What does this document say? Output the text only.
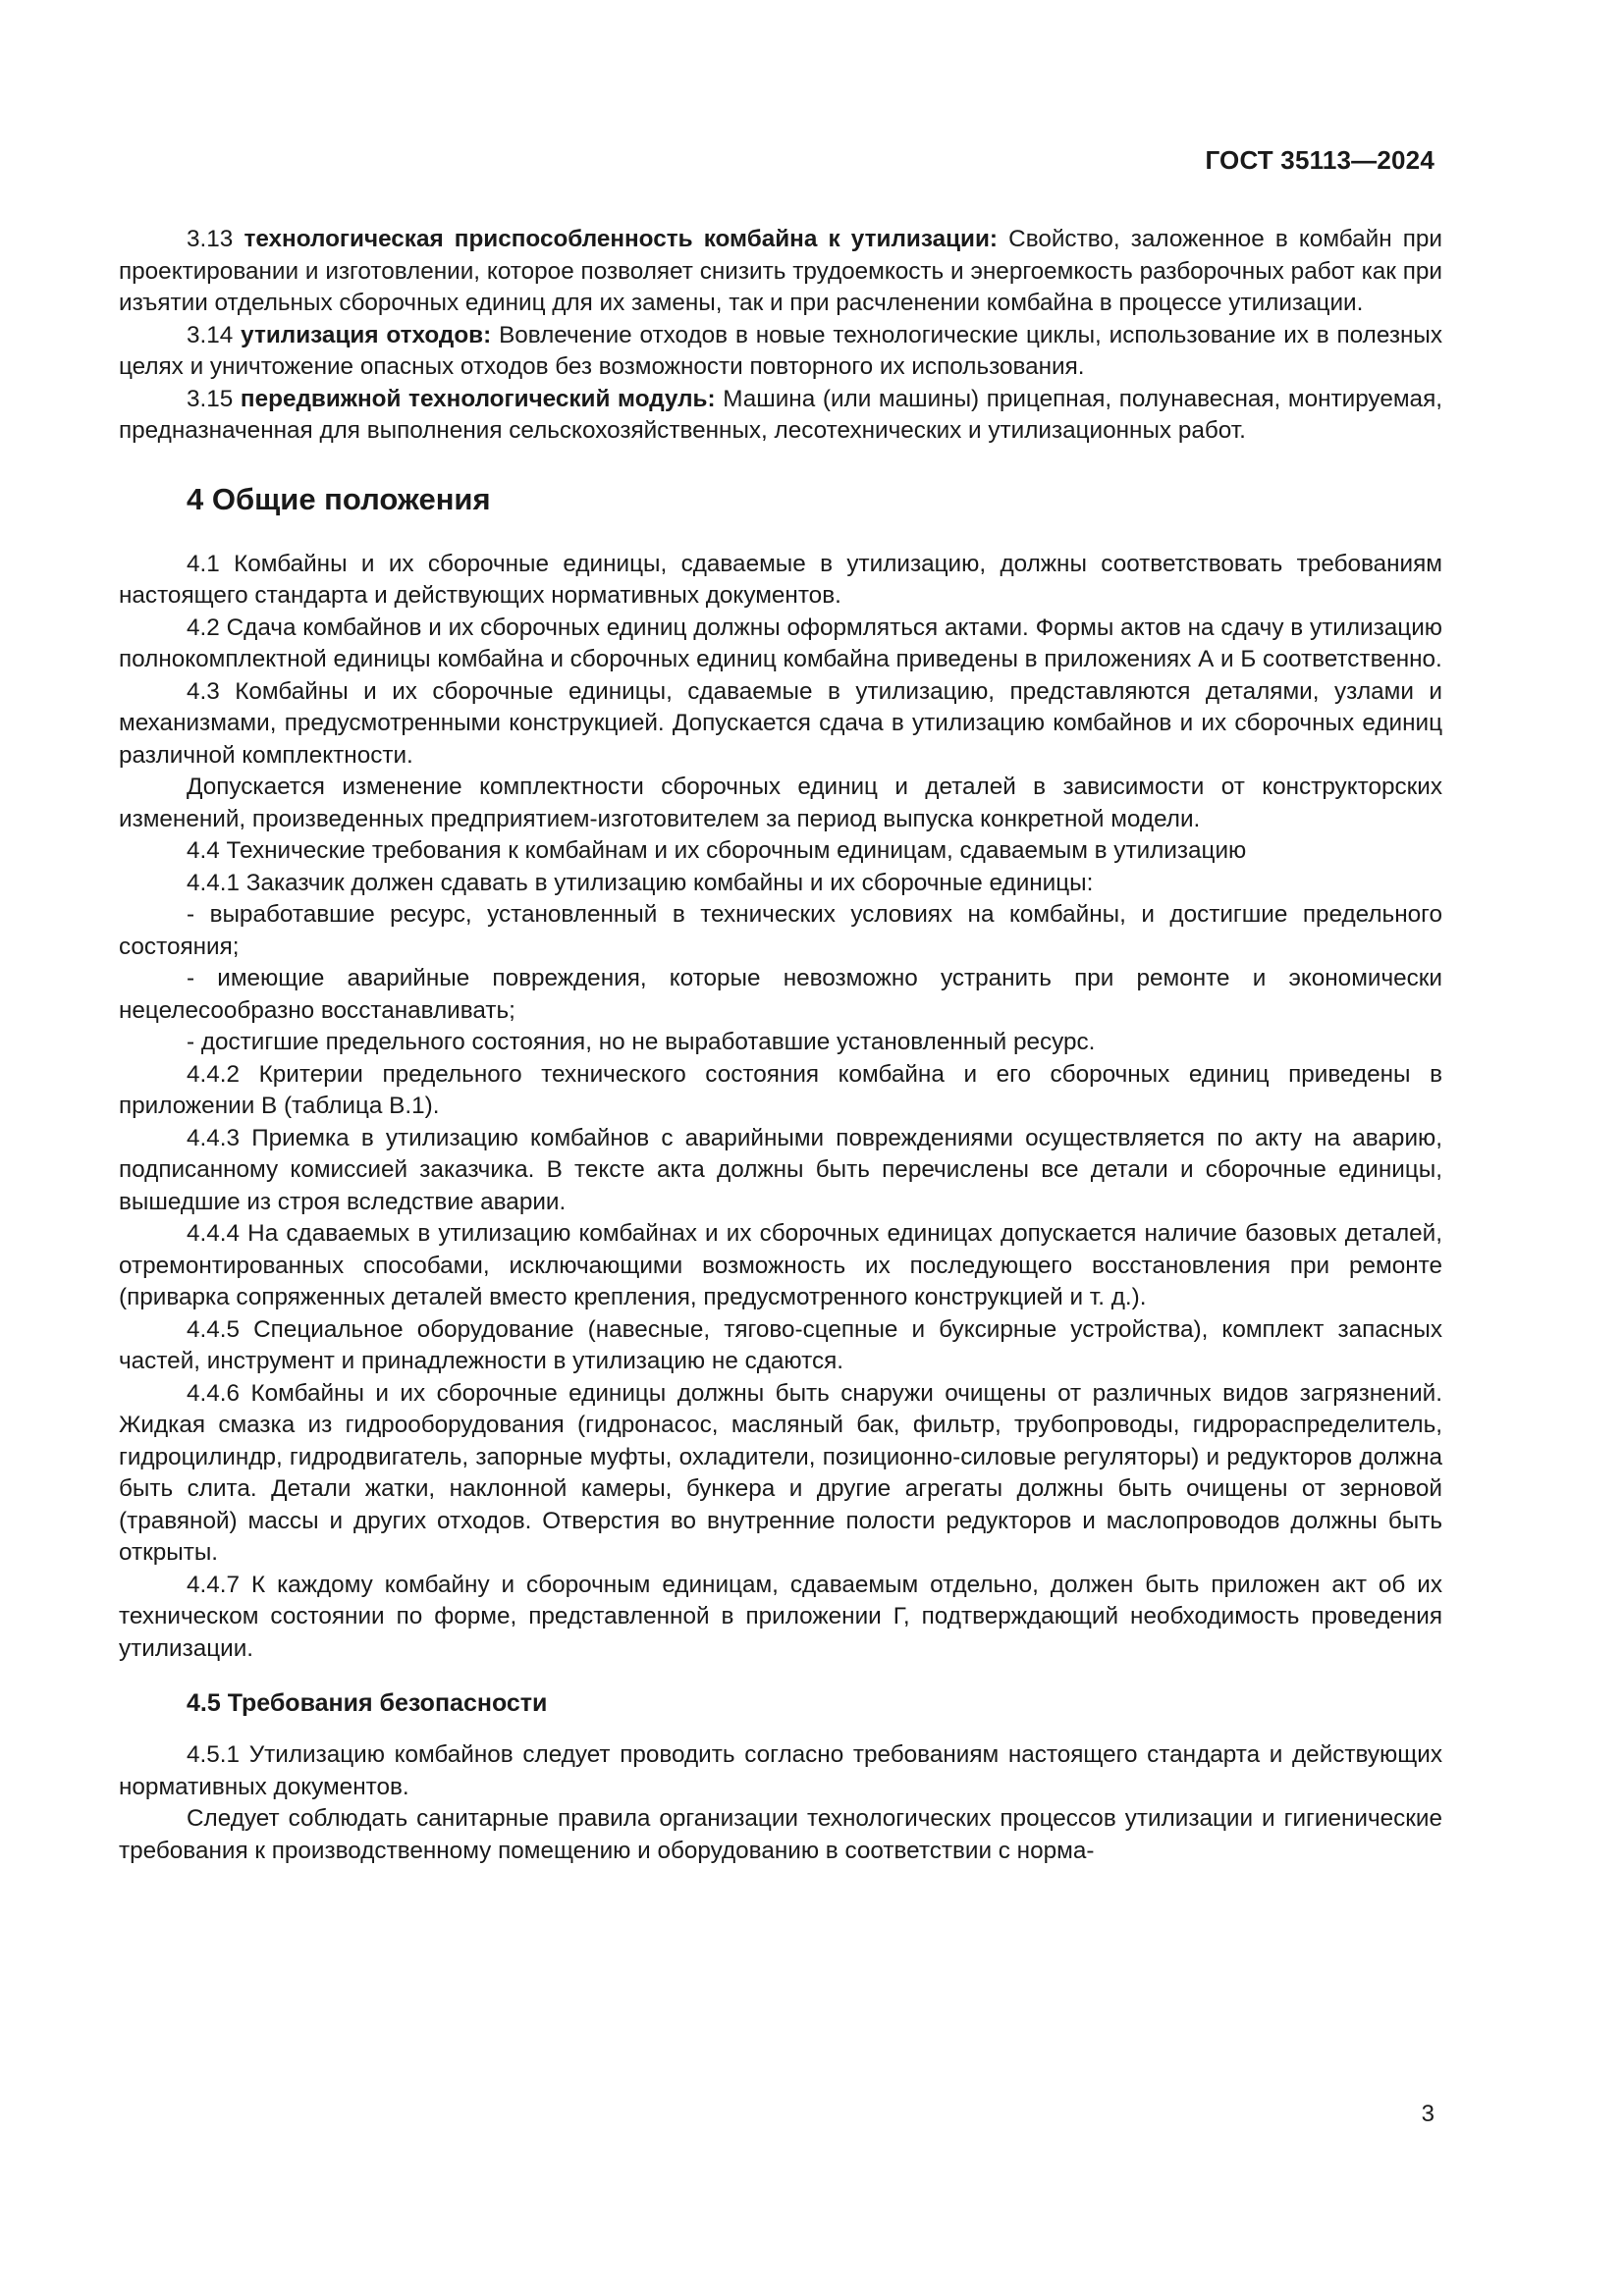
ГОСТ 35113—2024

3.13 технологическая приспособленность комбайна к утилизации: Свойство, заложенное в комбайн при проектировании и изготовлении, которое позволяет снизить трудоемкость и энергоемкость разборочных работ как при изъятии отдельных сборочных единиц для их замены, так и при расчленении комбайна в процессе утилизации.

3.14 утилизация отходов: Вовлечение отходов в новые технологические циклы, использование их в полезных целях и уничтожение опасных отходов без возможности повторного их использования.

3.15 передвижной технологический модуль: Машина (или машины) прицепная, полунавесная, монтируемая, предназначенная для выполнения сельскохозяйственных, лесотехнических и утилизационных работ.

4 Общие положения

4.1 Комбайны и их сборочные единицы, сдаваемые в утилизацию, должны соответствовать требованиям настоящего стандарта и действующих нормативных документов.

4.2 Сдача комбайнов и их сборочных единиц должны оформляться актами. Формы актов на сдачу в утилизацию полнокомплектной единицы комбайна и сборочных единиц комбайна приведены в приложениях А и Б соответственно.

4.3 Комбайны и их сборочные единицы, сдаваемые в утилизацию, представляются деталями, узлами и механизмами, предусмотренными конструкцией. Допускается сдача в утилизацию комбайнов и их сборочных единиц различной комплектности.

Допускается изменение комплектности сборочных единиц и деталей в зависимости от конструкторских изменений, произведенных предприятием-изготовителем за период выпуска конкретной модели.

4.4 Технические требования к комбайнам и их сборочным единицам, сдаваемым в утилизацию

4.4.1 Заказчик должен сдавать в утилизацию комбайны и их сборочные единицы:

- выработавшие ресурс, установленный в технических условиях на комбайны, и достигшие предельного состояния;

- имеющие аварийные повреждения, которые невозможно устранить при ремонте и экономически нецелесообразно восстанавливать;

- достигшие предельного состояния, но не выработавшие установленный ресурс.

4.4.2 Критерии предельного технического состояния комбайна и его сборочных единиц приведены в приложении В (таблица В.1).

4.4.3 Приемка в утилизацию комбайнов с аварийными повреждениями осуществляется по акту на аварию, подписанному комиссией заказчика. В тексте акта должны быть перечислены все детали и сборочные единицы, вышедшие из строя вследствие аварии.

4.4.4 На сдаваемых в утилизацию комбайнах и их сборочных единицах допускается наличие базовых деталей, отремонтированных способами, исключающими возможность их последующего восстановления при ремонте (приварка сопряженных деталей вместо крепления, предусмотренного конструкцией и т. д.).

4.4.5 Специальное оборудование (навесные, тягово-сцепные и буксирные устройства), комплект запасных частей, инструмент и принадлежности в утилизацию не сдаются.

4.4.6 Комбайны и их сборочные единицы должны быть снаружи очищены от различных видов загрязнений. Жидкая смазка из гидрооборудования (гидронасос, масляный бак, фильтр, трубопроводы, гидрораспределитель, гидроцилиндр, гидродвигатель, запорные муфты, охладители, позиционно-силовые регуляторы) и редукторов должна быть слита. Детали жатки, наклонной камеры, бункера и другие агрегаты должны быть очищены от зерновой (травяной) массы и других отходов. Отверстия во внутренние полости редукторов и маслопроводов должны быть открыты.

4.4.7 К каждому комбайну и сборочным единицам, сдаваемым отдельно, должен быть приложен акт об их техническом состоянии по форме, представленной в приложении Г, подтверждающий необходимость проведения утилизации.

4.5 Требования безопасности

4.5.1 Утилизацию комбайнов следует проводить согласно требованиям настоящего стандарта и действующих нормативных документов.

Следует соблюдать санитарные правила организации технологических процессов утилизации и гигиенические требования к производственному помещению и оборудованию в соответствии с норма-

3
